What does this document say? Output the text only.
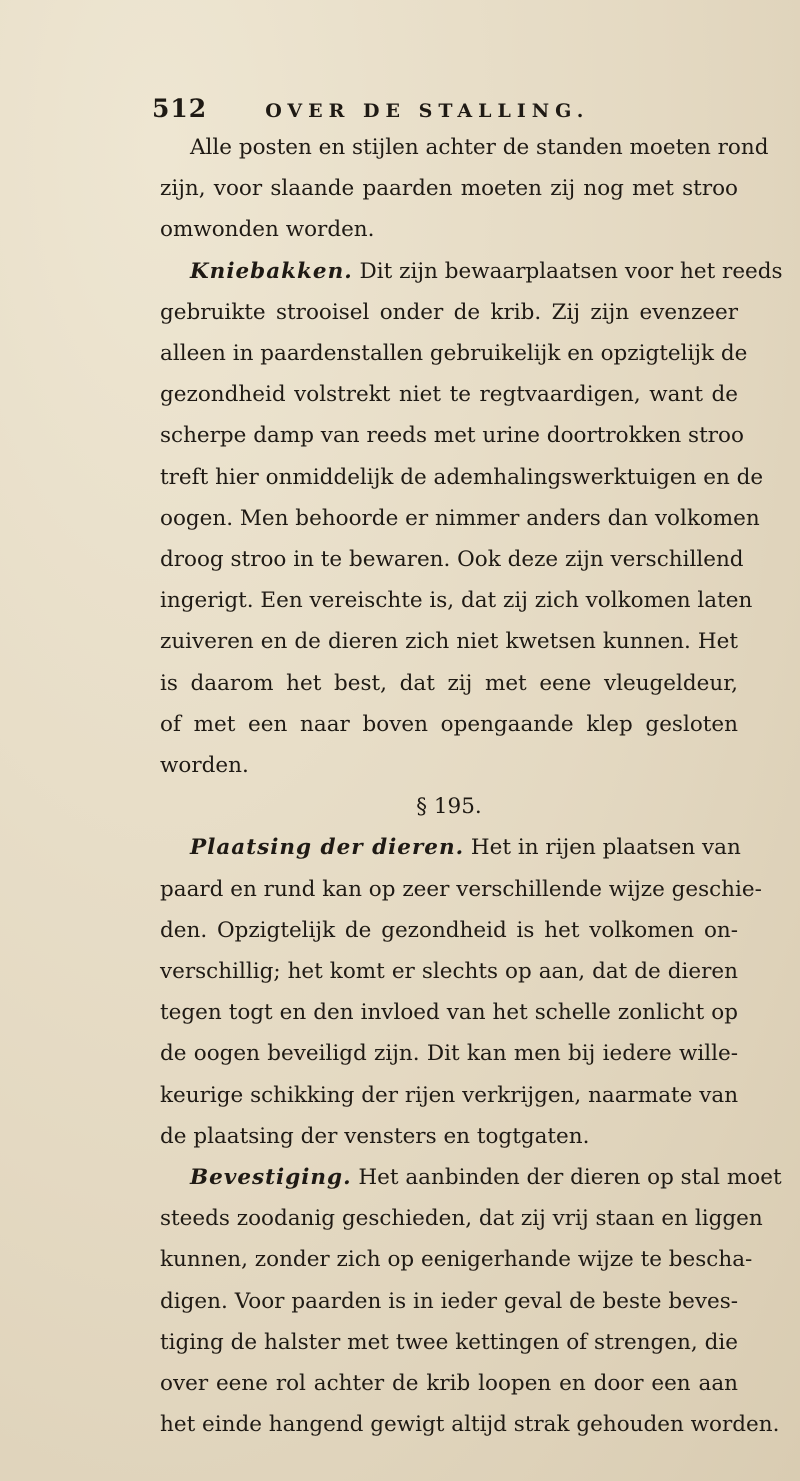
512	OVER DE STALLING.
Alle posten en stijlen achter de standen moeten rond
zijn, voor slaande paarden moeten zij nog met stroo
omwonden worden.
Kniebakken. Dit zijn bewaarplaatsen voor het reeds
gebruikte strooisel onder de krib. Zij zijn evenzeer
alleen in paardenstallen gebruikelijk en opzigtelijk de
gezondheid volstrekt niet te regtvaardigen, want de
scherpe damp van reeds met urine doortrokken stroo
treft hier onmiddelijk de ademhalingswerktuigen en de
oogen. Men behoorde er nimmer anders dan volkomen
droog stroo in te bewaren. Ook deze zijn verschillend
ingerigt. Een vereischte is, dat zij zich volkomen laten
zuiveren en de dieren zich niet kwetsen kunnen. Het
is daarom het best, dat zij met eene vleugeldeur,
of met een naar boven opengaande klep gesloten
worden.
§ 195.
Plaatsing der dieren. Het in rijen plaatsen van
paard en rund kan op zeer verschillende wijze geschie-
den. Opzigtelijk de gezondheid is het volkomen on-
verschillig; het komt er slechts op aan, dat de dieren
tegen togt en den invloed van het schelle zonlicht op
de oogen beveiligd zijn. Dit kan men bij iedere wille-
keurige schikking der rijen verkrijgen, naarmate van
de plaatsing der vensters en togtgaten.
Bevestiging. Het aanbinden der dieren op stal moet
steeds zoodanig geschieden, dat zij vrij staan en liggen
kunnen, zonder zich op eenigerhande wijze te bescha-
digen. Voor paarden is in ieder geval de beste beves-
tiging de halster met twee kettingen of strengen, die
over eene rol achter de krib loopen en door een aan
het einde hangend gewigt altijd strak gehouden worden.
